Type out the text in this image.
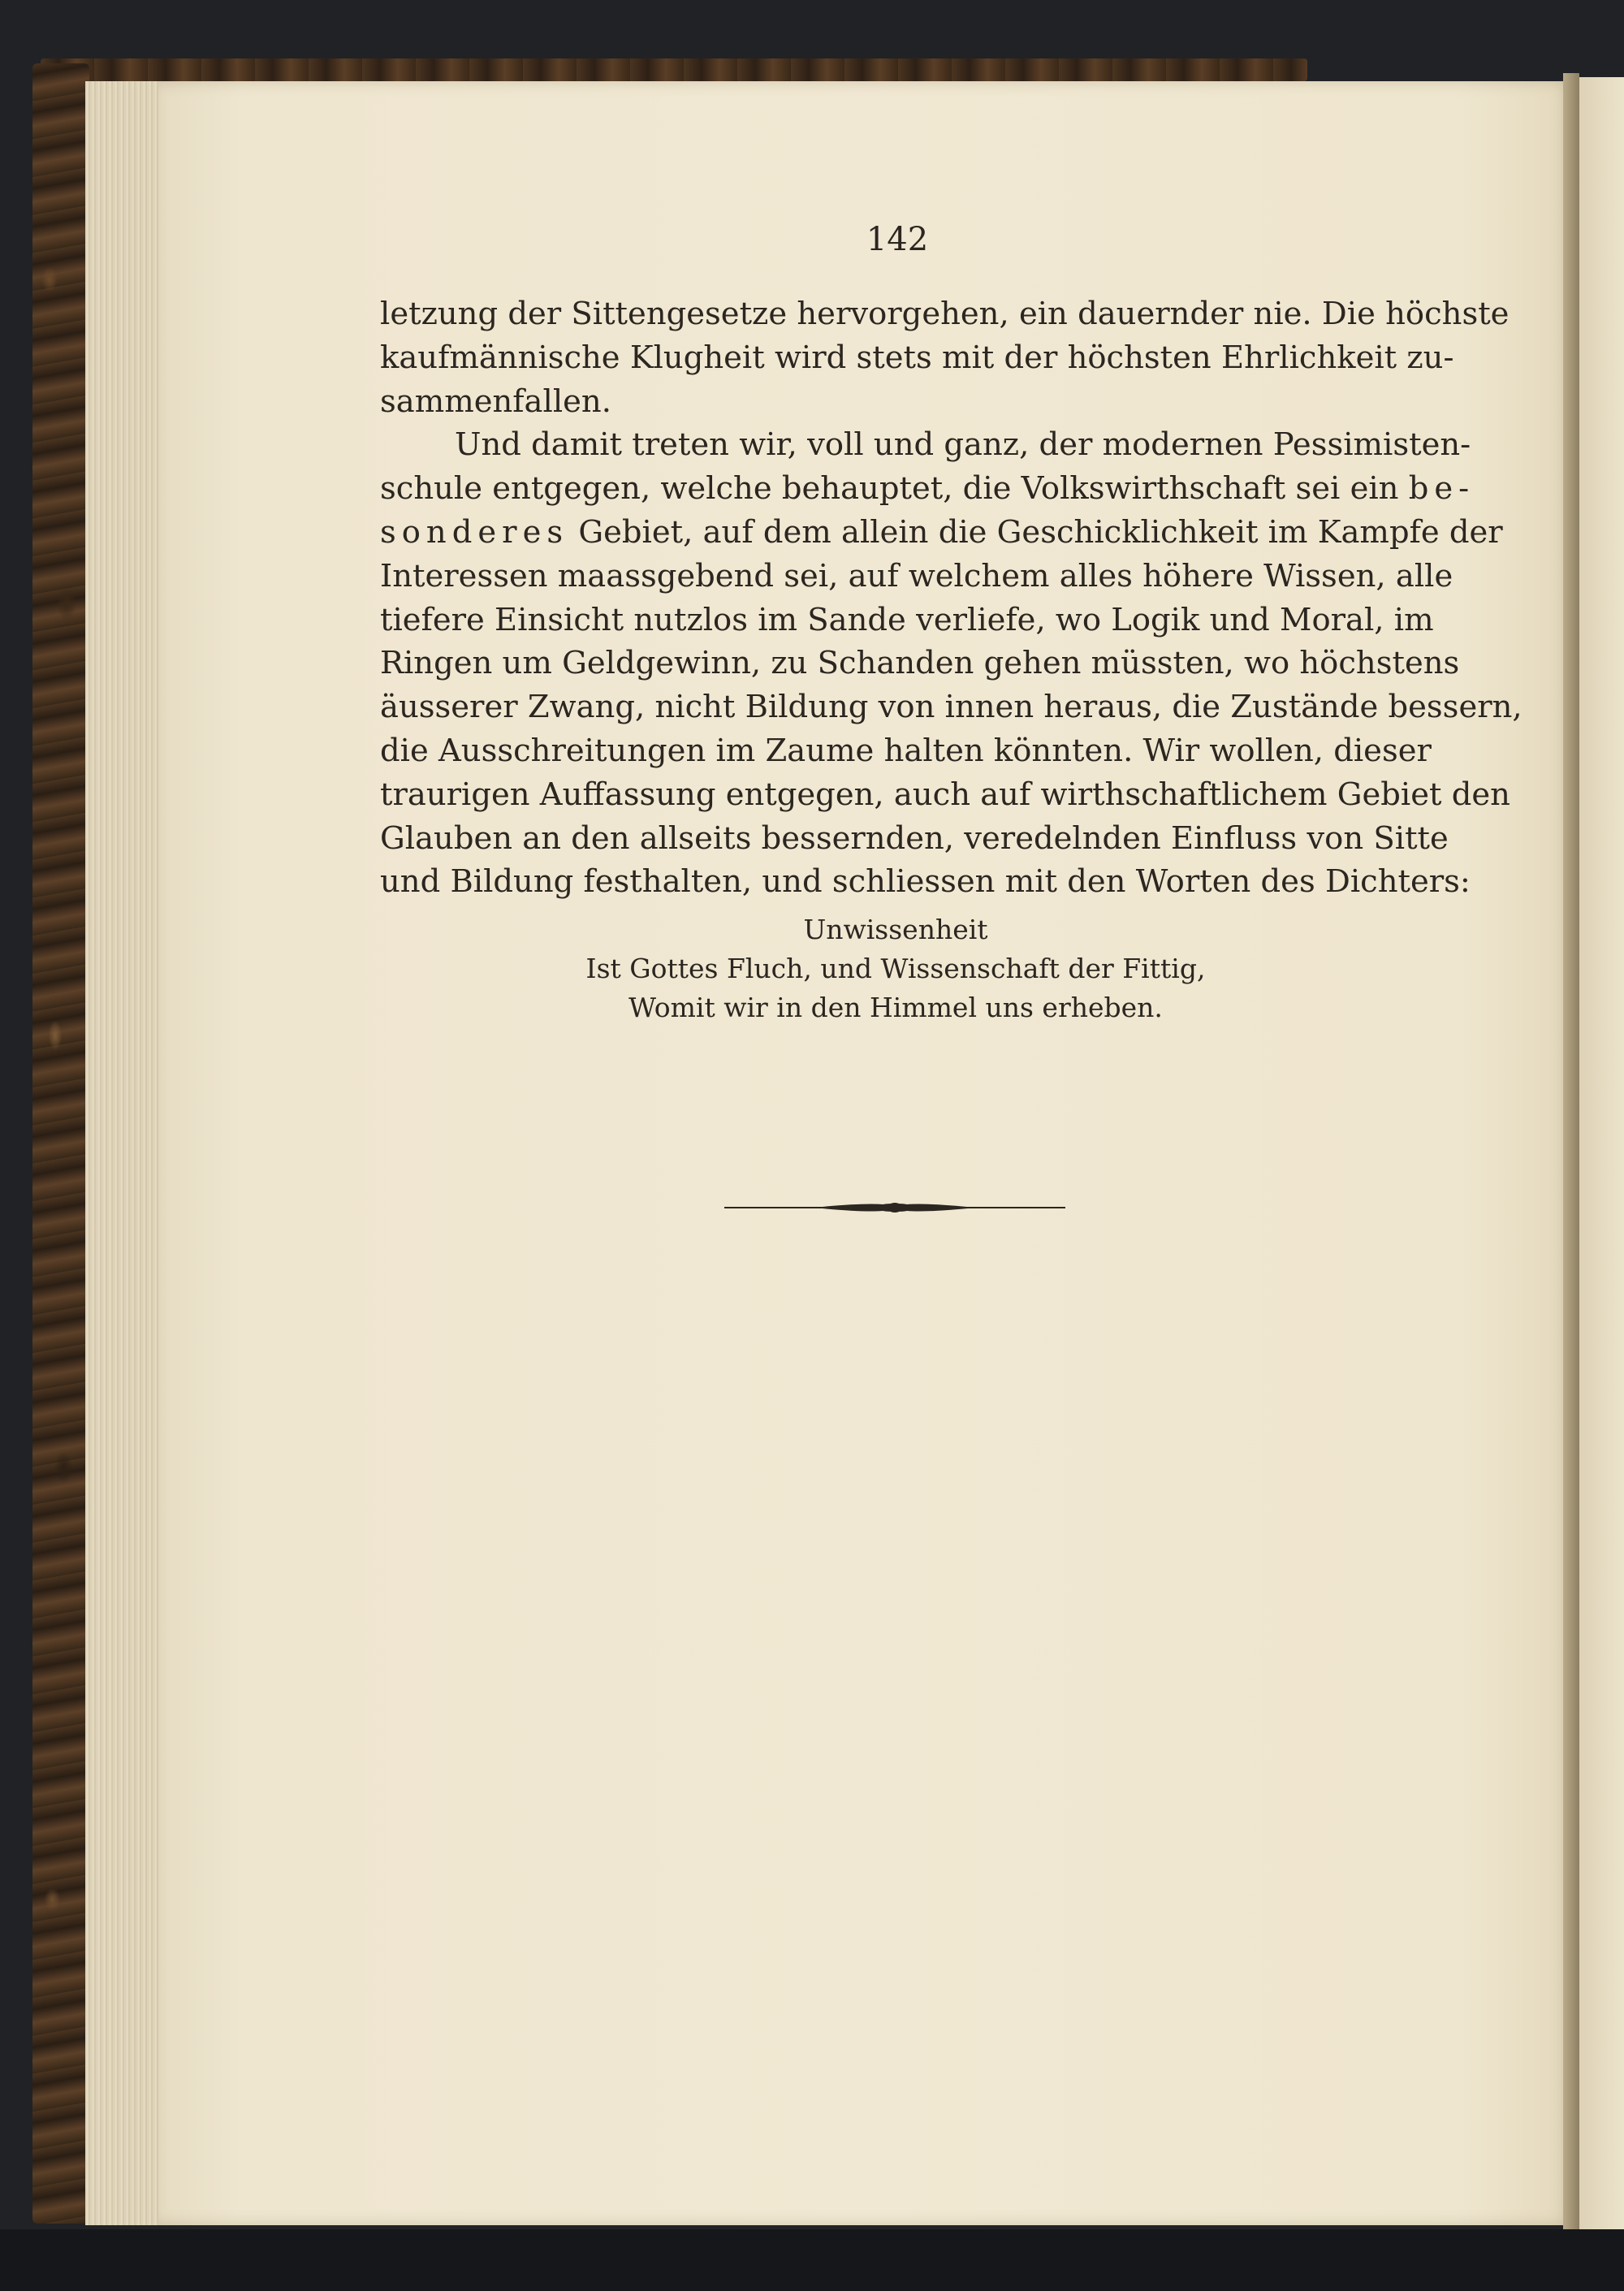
142

letzung der Sittengesetze hervorgehen, ein dauernder nie. Die höchste
kaufmännische Klugheit wird stets mit der höchsten Ehrlichkeit zu-
sammenfallen.

Und damit treten wir, voll und ganz, der modernen Pessimisten-
schule entgegen, welche behauptet, die Volkswirthschaft sei ein be-
sonderes Gebiet, auf dem allein die Geschicklichkeit im Kampfe der
Interessen maassgebend sei, auf welchem alles höhere Wissen, alle
tiefere Einsicht nutzlos im Sande verliefe, wo Logik und Moral, im
Ringen um Geldgewinn, zu Schanden gehen müssten, wo höchstens
äusserer Zwang, nicht Bildung von innen heraus, die Zustände bessern,
die Ausschreitungen im Zaume halten könnten. Wir wollen, dieser
traurigen Auffassung entgegen, auch auf wirthschaftlichem Gebiet den
Glauben an den allseits bessernden, veredelnden Einfluss von Sitte
und Bildung festhalten, und schliessen mit den Worten des Dichters:

Unwissenheit
Ist Gottes Fluch, und Wissenschaft der Fittig,
Womit wir in den Himmel uns erheben.
